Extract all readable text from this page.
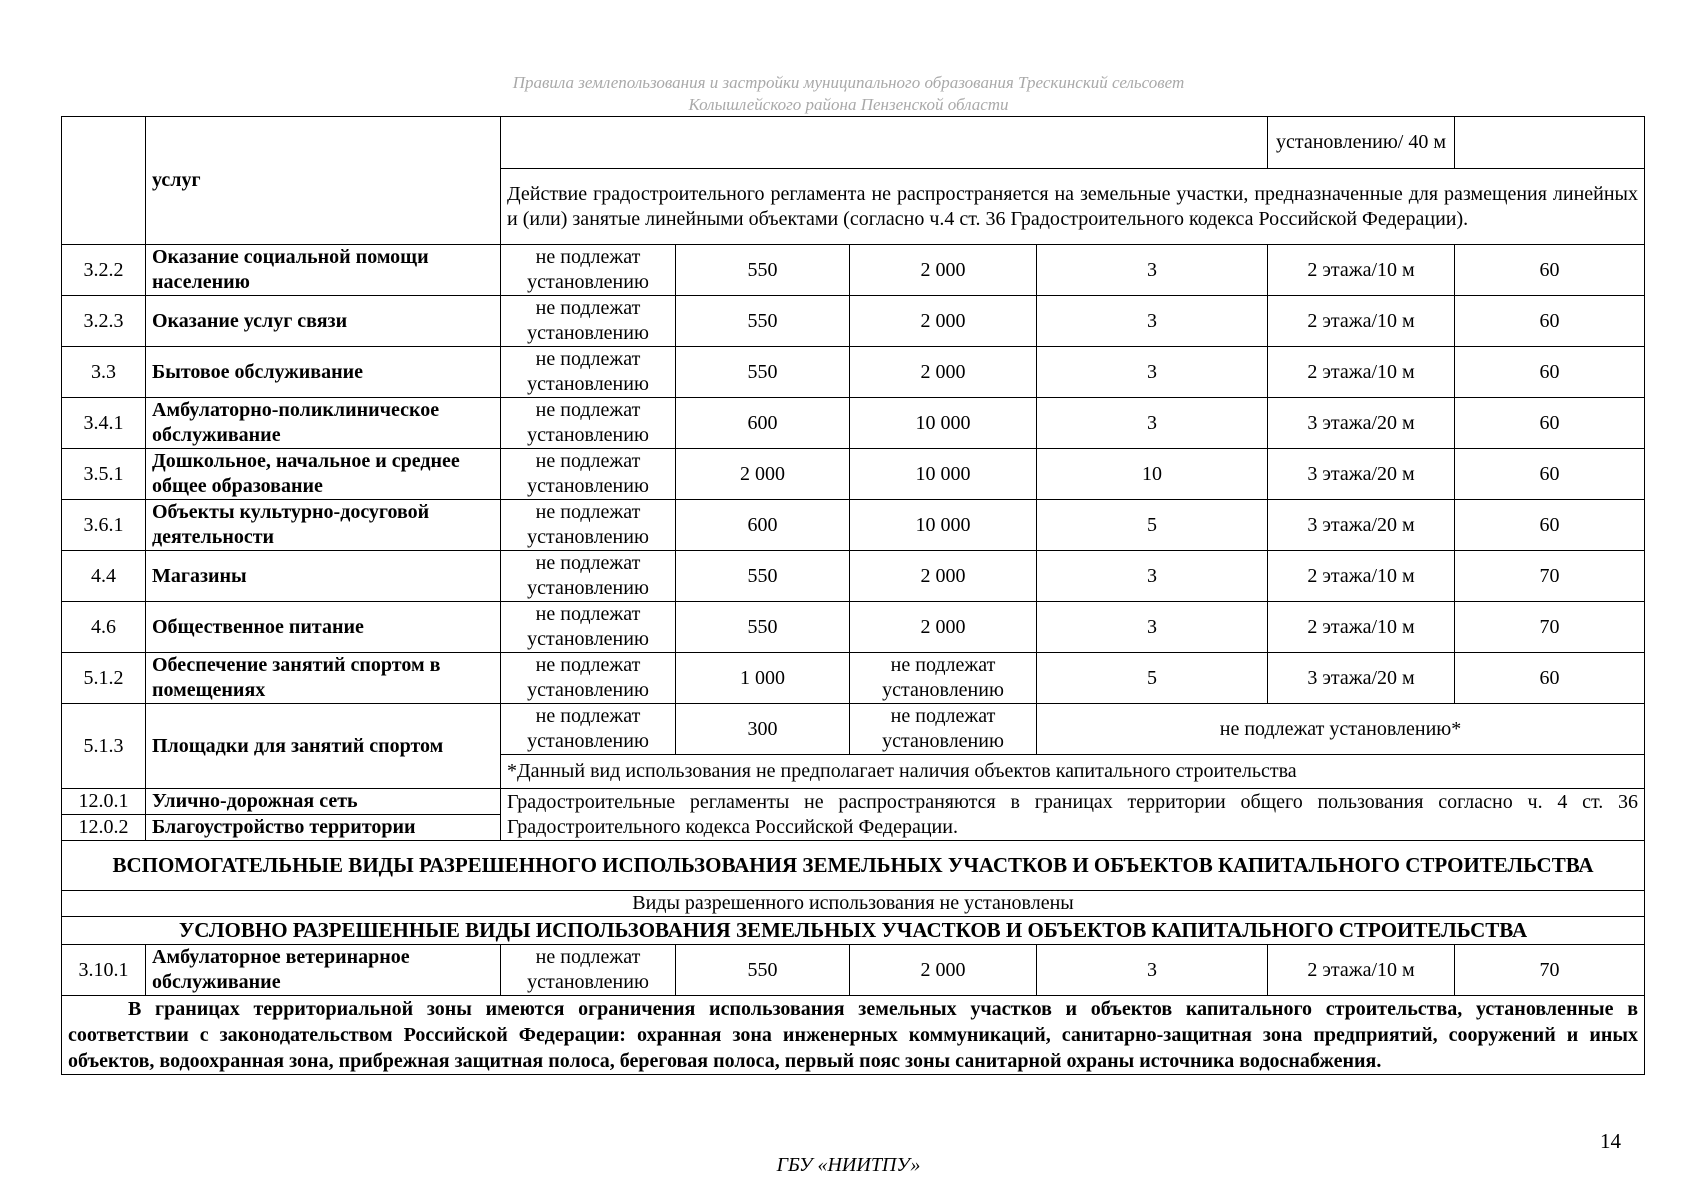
Правила землепользования и застройки муниципального образования Трескинский сельсовет
Колышлейского района Пензенской области
	услуг					установлению/ 40 м	
		Действие градостроительного регламента не распространяется на земельные участки, предназначенные для размещения линейных и (или) занятые линейными объектами (согласно ч.4 ст. 36 Градостроительного кодекса Российской Федерации).					
3.2.2	Оказание социальной помощи населению	не подлежат установлению	550	2 000	3	2 этажа/10 м	60
3.2.3	Оказание услуг связи	не подлежат установлению	550	2 000	3	2 этажа/10 м	60
3.3	Бытовое обслуживание	не подлежат установлению	550	2 000	3	2 этажа/10 м	60
3.4.1	Амбулаторно-поликлиническое обслуживание	не подлежат установлению	600	10 000	3	3 этажа/20 м	60
3.5.1	Дошкольное, начальное и среднее общее образование	не подлежат установлению	2 000	10 000	10	3 этажа/20 м	60
3.6.1	Объекты культурно-досуговой деятельности	не подлежат установлению	600	10 000	5	3 этажа/20 м	60
4.4	Магазины	не подлежат установлению	550	2 000	3	2 этажа/10 м	70
4.6	Общественное питание	не подлежат установлению	550	2 000	3	2 этажа/10 м	70
5.1.2	Обеспечение занятий спортом в помещениях	не подлежат установлению	1 000	не подлежат установлению	5	3 этажа/20 м	60
5.1.3	Площадки для занятий спортом	не подлежат установлению	300	не подлежат установлению	не подлежат установлению*		
		*Данный вид использования не предполагает наличия объектов капитального строительства					
12.0.1	Улично-дорожная сеть	Градостроительные регламенты не распространяются в границах территории общего пользования согласно ч. 4 ст. 36 Градостроительного кодекса Российской Федерации.					
12.0.2	Благоустройство территории						
ВСПОМОГАТЕЛЬНЫЕ ВИДЫ РАЗРЕШЕННОГО ИСПОЛЬЗОВАНИЯ ЗЕМЕЛЬНЫХ УЧАСТКОВ И ОБЪЕКТОВ КАПИТАЛЬНОГО СТРОИТЕЛЬСТВА							
Виды разрешенного использования не установлены							
УСЛОВНО РАЗРЕШЕННЫЕ ВИДЫ ИСПОЛЬЗОВАНИЯ ЗЕМЕЛЬНЫХ УЧАСТКОВ И ОБЪЕКТОВ КАПИТАЛЬНОГО СТРОИТЕЛЬСТВА							
3.10.1	Амбулаторное ветеринарное обслуживание	не подлежат установлению	550	2 000	3	2 этажа/10 м	70
В границах территориальной зоны имеются ограничения использования земельных участков и объектов капитального строительства, установленные в соответствии с законодательством Российской Федерации: охранная зона инженерных коммуникаций, санитарно-защитная зона предприятий, сооружений и иных объектов, водоохранная зона, прибрежная защитная полоса, береговая полоса, первый пояс зоны санитарной охраны источника водоснабжения.							
14
ГБУ «НИИТПУ»
